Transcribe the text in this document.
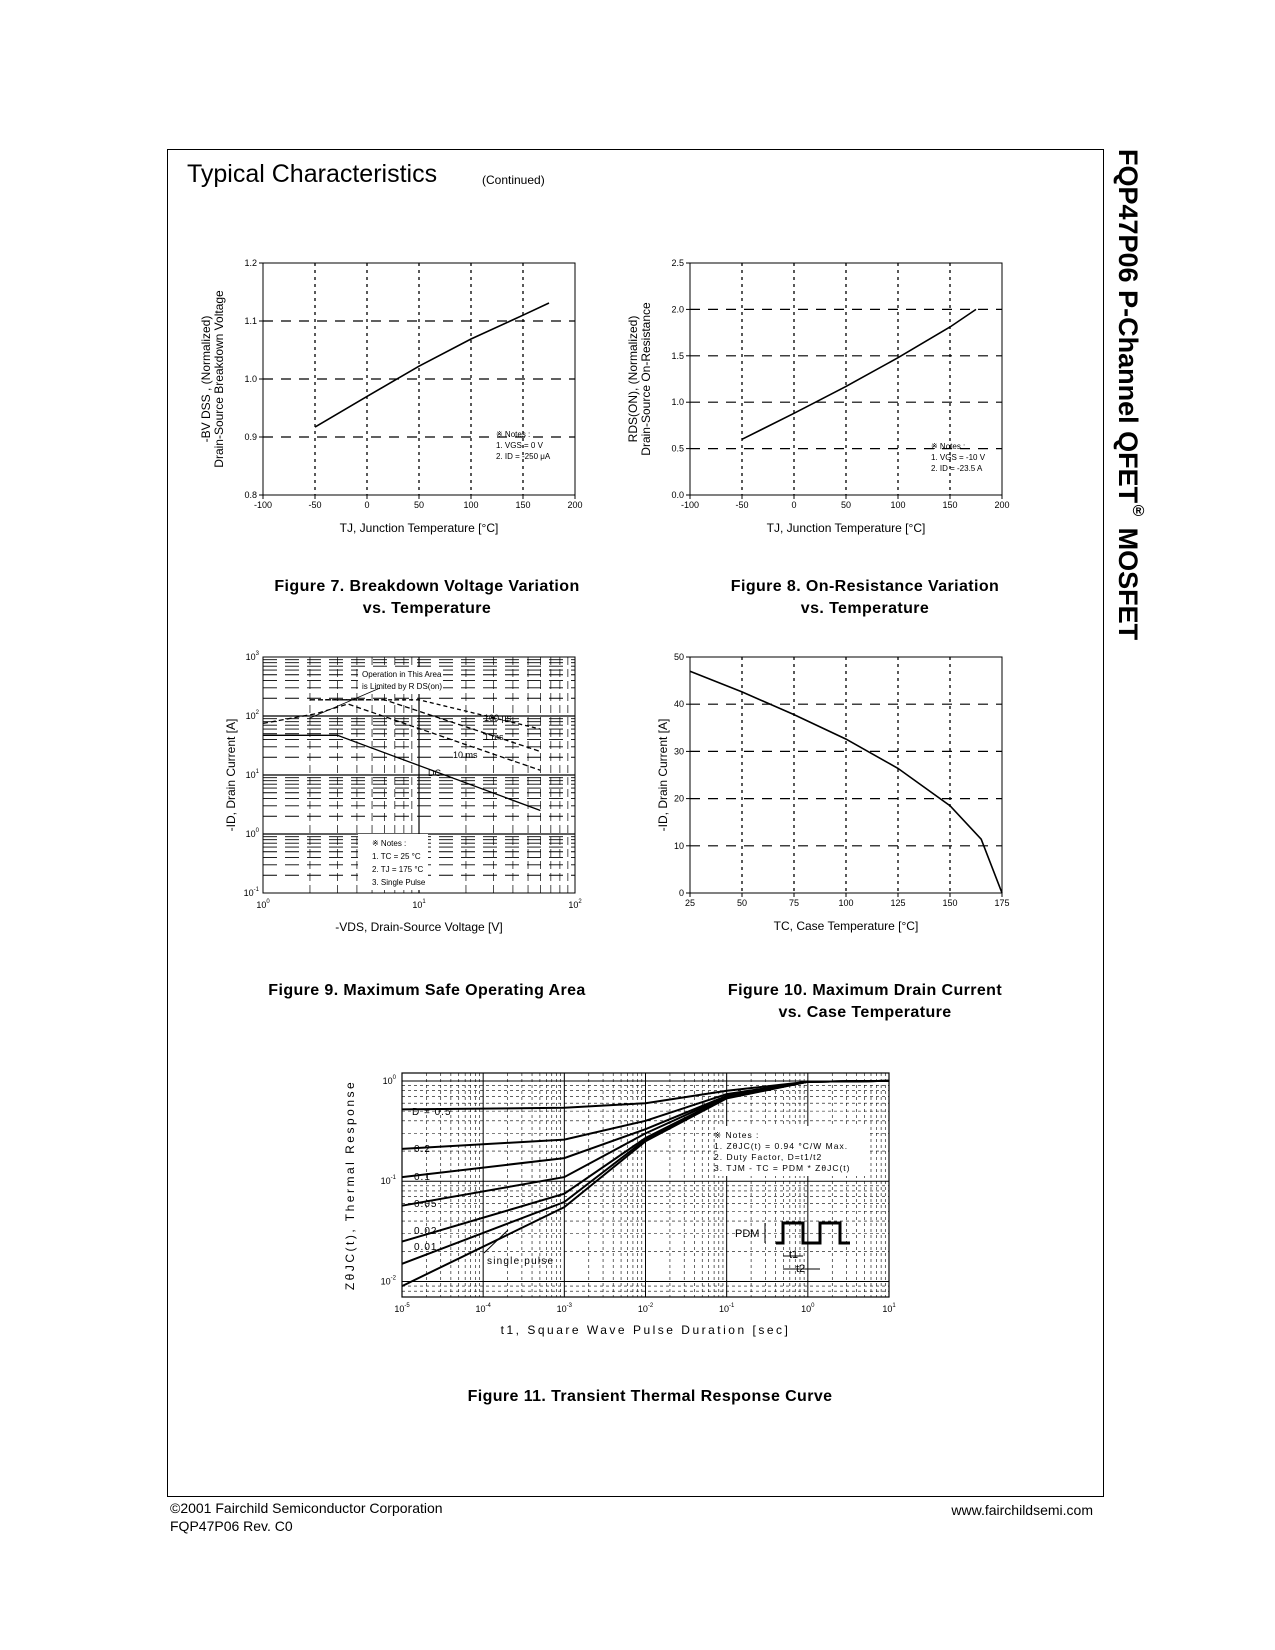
Typical Characteristics	(Continued)	FQP47P06 P-Channel QFET® MOSFET
-100	-50	0	50	100	150	200
0.8
0.9
1.0
1.1
1.2
TJ, Junction Temperature [°C]
-BV DSS , (Normalized) Drain-Source Breakdown Voltage	※ Notes :
1. VGS = 0 V
2. ID = -250 μA
-100	-50	0	50	100	150	200
0.0
0.5
1.0
1.5
2.0
2.5
TJ, Junction Temperature [°C]
RDS(ON), (Normalized) Drain-Source On-Resistance	※ Notes :
1. VGS = -10 V
2. ID = -23.5 A
25	50	75	100	125	150	175
0
10
20
30
40
50
TC, Case Temperature [°C]
-ID, Drain Current [A]
$10^0$	$10^1$	$10^2$
$10^{-1}$
$10^0$
$10^1$
$10^2$
$10^3$
Operation in This Area
is Limited by R DS(on)
100 µs
1 ms
10 ms
DC
※ Notes :
1. TC = 25 °C
2. TJ = 175 °C
3. Single Pulse
-VDS, Drain-Source Voltage [V]
-ID, Drain Current [A]
$10^{-5}$	$10^{-4}$	$10^{-3}$	$10^{-2}$	$10^{-1}$	$10^0$	$10^1$
$10^{-2}$
$10^{-1}$
$10^0$
D = 0.5
0.2
0.1
0.05
0.02
0.01
single pulse
※ Notes :
1. ZθJC(t) = 0.94 °C/W Max.
2. Duty Factor, D=t1/t2
3. TJM - TC = PDM * ZθJC(t)
PDM
t1
t2
t1, Square Wave Pulse Duration [sec]
ZθJC(t), Thermal Response
Figure 7. Breakdown Voltage Variation
vs. Temperature
Figure 8. On-Resistance Variation
vs. Temperature
Figure 9. Maximum Safe Operating Area	Figure 10. Maximum Drain Current
vs. Case Temperature
Figure 11. Transient Thermal Response Curve
©2001 Fairchild Semiconductor Corporation
FQP47P06 Rev. C0
www.fairchildsemi.com
